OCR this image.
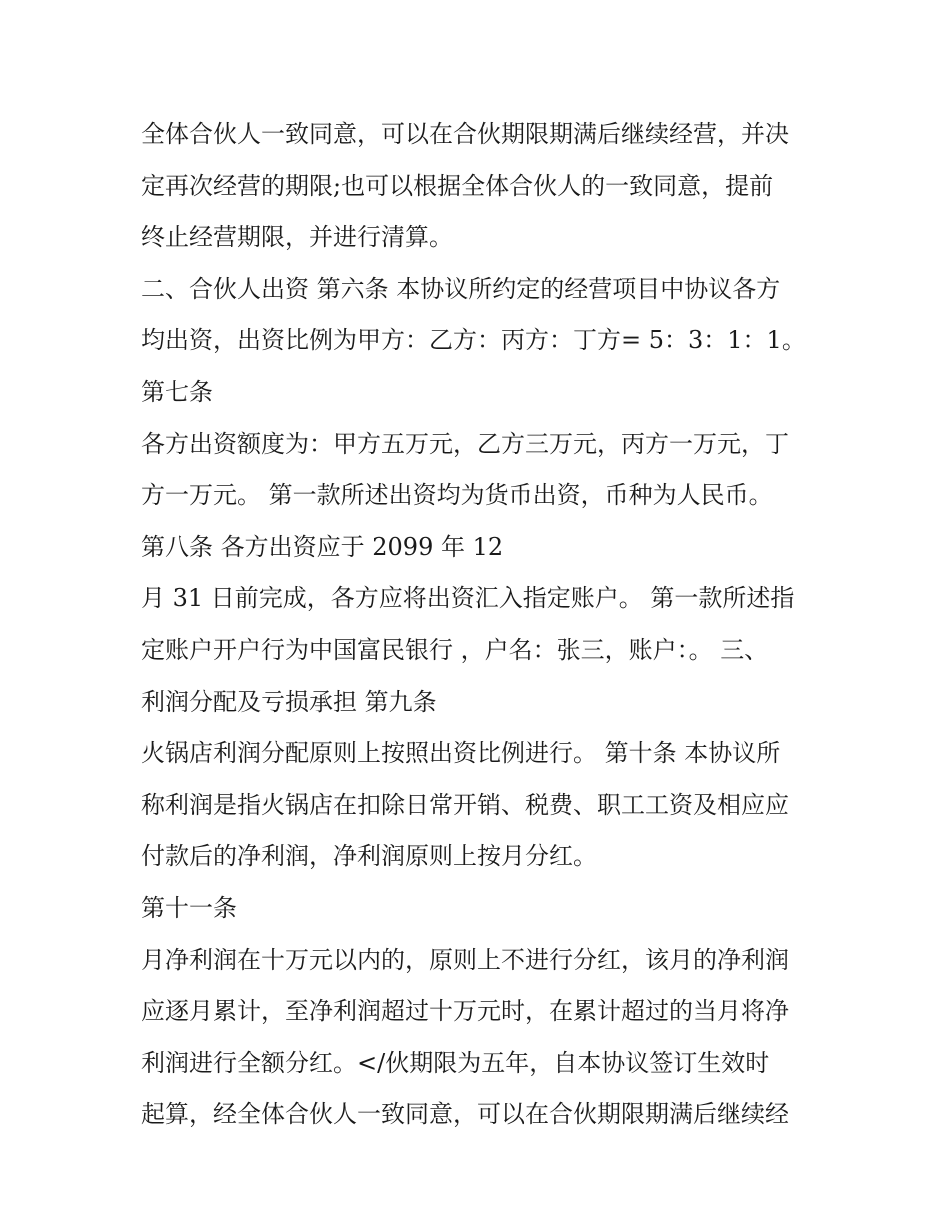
全体合伙人一致同意，可以在合伙期限期满后继续经营，并决
定再次经营的期限;也可以根据全体合伙人的一致同意，提前
终止经营期限，并进行清算。
二、合伙人出资 第六条 本协议所约定的经营项目中协议各方
均出资，出资比例为甲方：乙方：丙方：丁方= 5：3：1：1。
第七条
各方出资额度为：甲方五万元，乙方三万元，丙方一万元，丁
方一万元。 第一款所述出资均为货币出资，币种为人民币。
第八条 各方出资应于 2099 年 12
月 31 日前完成，各方应将出资汇入指定账户。 第一款所述指
定账户开户行为中国富民银行 ，户名：张三，账户：。 三、
利润分配及亏损承担 第九条
火锅店利润分配原则上按照出资比例进行。 第十条 本协议所
称利润是指火锅店在扣除日常开销、税费、职工工资及相应应
付款后的净利润，净利润原则上按月分红。
第十一条
月净利润在十万元以内的，原则上不进行分红，该月的净利润
应逐月累计，至净利润超过十万元时，在累计超过的当月将净
利润进行全额分红。</伙期限为五年，自本协议签订生效时
起算，经全体合伙人一致同意，可以在合伙期限期满后继续经
